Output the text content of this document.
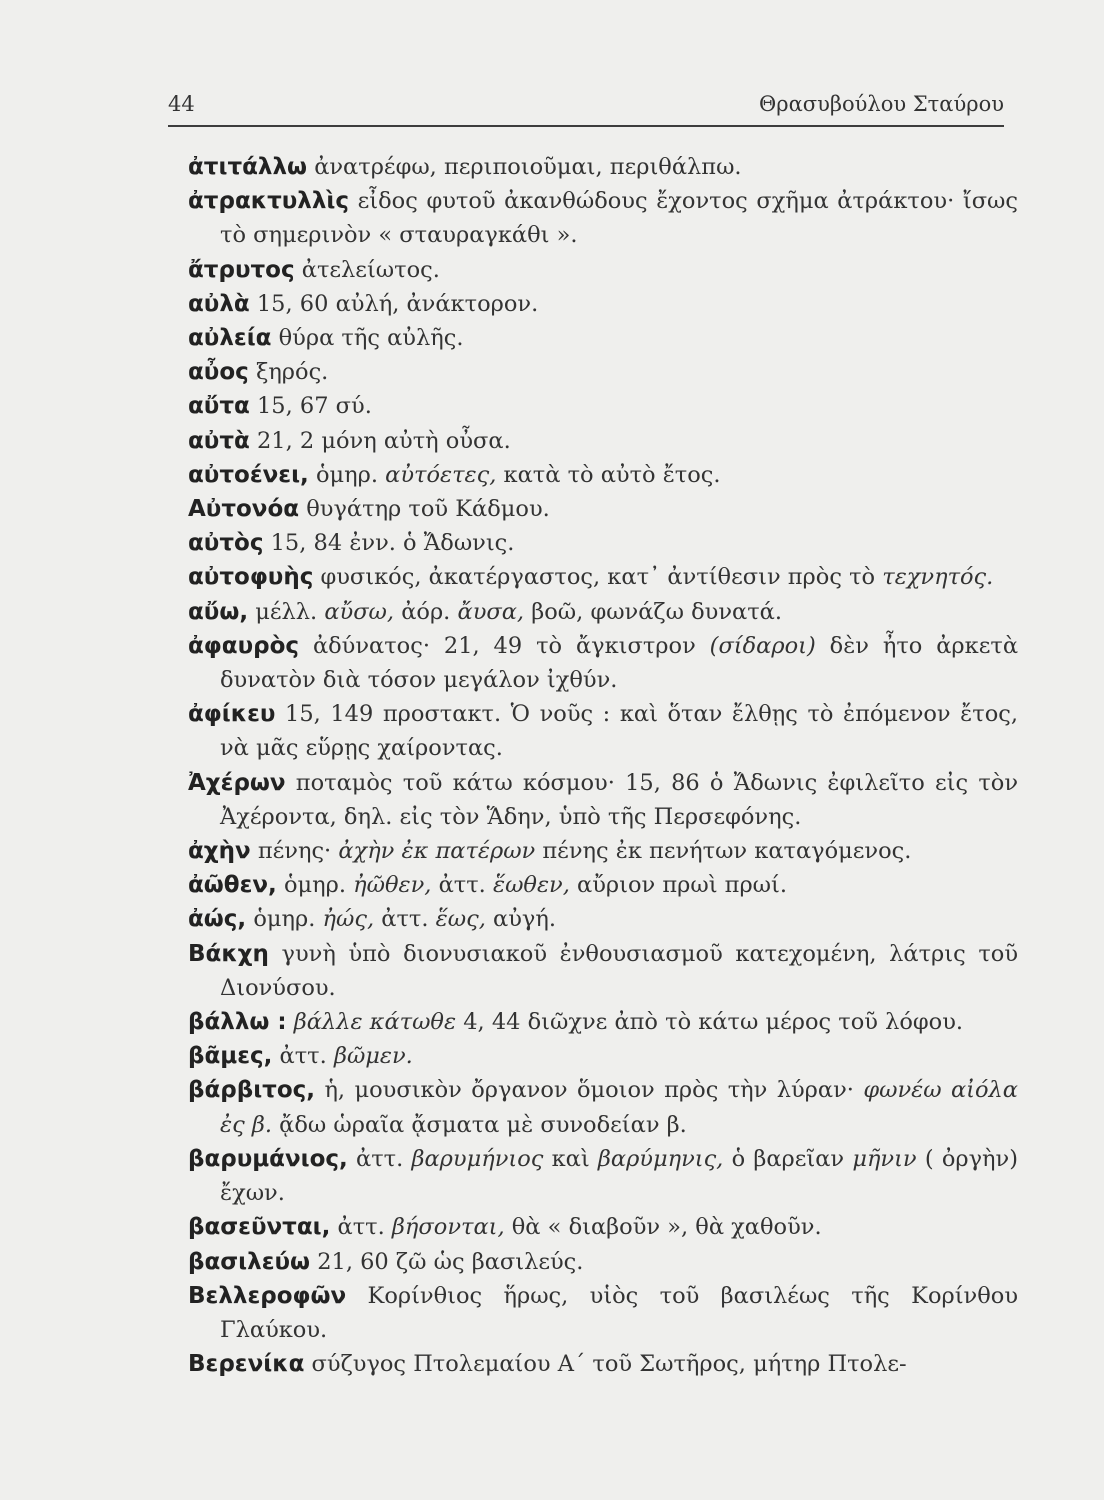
44	Θρασυβούλου Σταύρου

ἀτιτάλλω ἀνατρέφω, περιποιοῦμαι, περιθάλπω.

ἀτρακτυλλὶς εἶδος φυτοῦ ἀκανθώδους ἔχοντος σχῆμα ἀτράκτου· ἴσως τὸ σημερινὸν « σταυραγκάθι ».

ἄτρυτος ἀτελείωτος.

αὐλὰ 15, 60 αὐλή, ἀνάκτορον.

αὐλεία θύρα τῆς αὐλῆς.

αὖος ξηρός.

αὔτα 15, 67 σύ.

αὐτὰ 21, 2 μόνη αὐτὴ οὖσα.

αὐτοένει, ὁμηρ. αὐτόετες, κατὰ τὸ αὐτὸ ἔτος.

Αὐτονόα θυγάτηρ τοῦ Κάδμου.

αὐτὸς 15, 84 ἐνν. ὁ Ἄδωνις.

αὐτοφυὴς φυσικός, ἀκατέργαστος, κατ᾽ ἀντίθεσιν πρὸς τὸ τεχνητός.

αὔω, μέλλ. αὔσω, ἀόρ. ἄυσα, βοῶ, φωνάζω δυνατά.

ἀφαυρὸς ἀδύνατος· 21, 49 τὸ ἄγκιστρον (σίδαροι) δὲν ἦτο ἀρκετὰ δυνατὸν διὰ τόσον μεγάλον ἰχθύν.

ἀφίκευ 15, 149 προστακτ. Ὁ νοῦς : καὶ ὅταν ἔλθῃς τὸ ἐπόμενον ἔτος, νὰ μᾶς εὕρῃς χαίροντας.

Ἀχέρων ποταμὸς τοῦ κάτω κόσμου· 15, 86 ὁ Ἄδωνις ἐφιλεῖτο εἰς τὸν Ἀχέροντα, δηλ. εἰς τὸν Ἅδην, ὑπὸ τῆς Περσεφόνης.

ἀχὴν πένης· ἀχὴν ἐκ πατέρων πένης ἐκ πενήτων καταγόμενος.

ἀῶθεν, ὁμηρ. ἠῶθεν, ἀττ. ἕωθεν, αὔριον πρωὶ πρωί.

ἀώς, ὁμηρ. ἠώς, ἀττ. ἕως, αὐγή.

Βάκχη γυνὴ ὑπὸ διονυσιακοῦ ἐνθουσιασμοῦ κατεχομένη, λάτρις τοῦ Διονύσου.

βάλλω : βάλλε κάτωθε 4, 44 διῶχνε ἀπὸ τὸ κάτω μέρος τοῦ λόφου.

βᾶμες, ἀττ. βῶμεν.

βάρβιτος, ἡ, μουσικὸν ὄργανον ὅμοιον πρὸς τὴν λύραν· φωνέω αἰόλα ἐς β. ᾄδω ὡραῖα ᾄσματα μὲ συνοδείαν β.

βαρυμάνιος, ἀττ. βαρυμήνιος καὶ βαρύμηνις, ὁ βαρεῖαν μῆνιν ( ὀργὴν) ἔχων.

βασεῦνται, ἀττ. βήσονται, θὰ « διαβοῦν », θὰ χαθοῦν.

βασιλεύω 21, 60 ζῶ ὡς βασιλεύς.

Βελλεροφῶν Κορίνθιος ἥρως, υἱὸς τοῦ βασιλέως τῆς Κορίνθου Γλαύκου.

Βερενίκα σύζυγος Πτολεμαίου Α΄ τοῦ Σωτῆρος, μήτηρ Πτολε-
